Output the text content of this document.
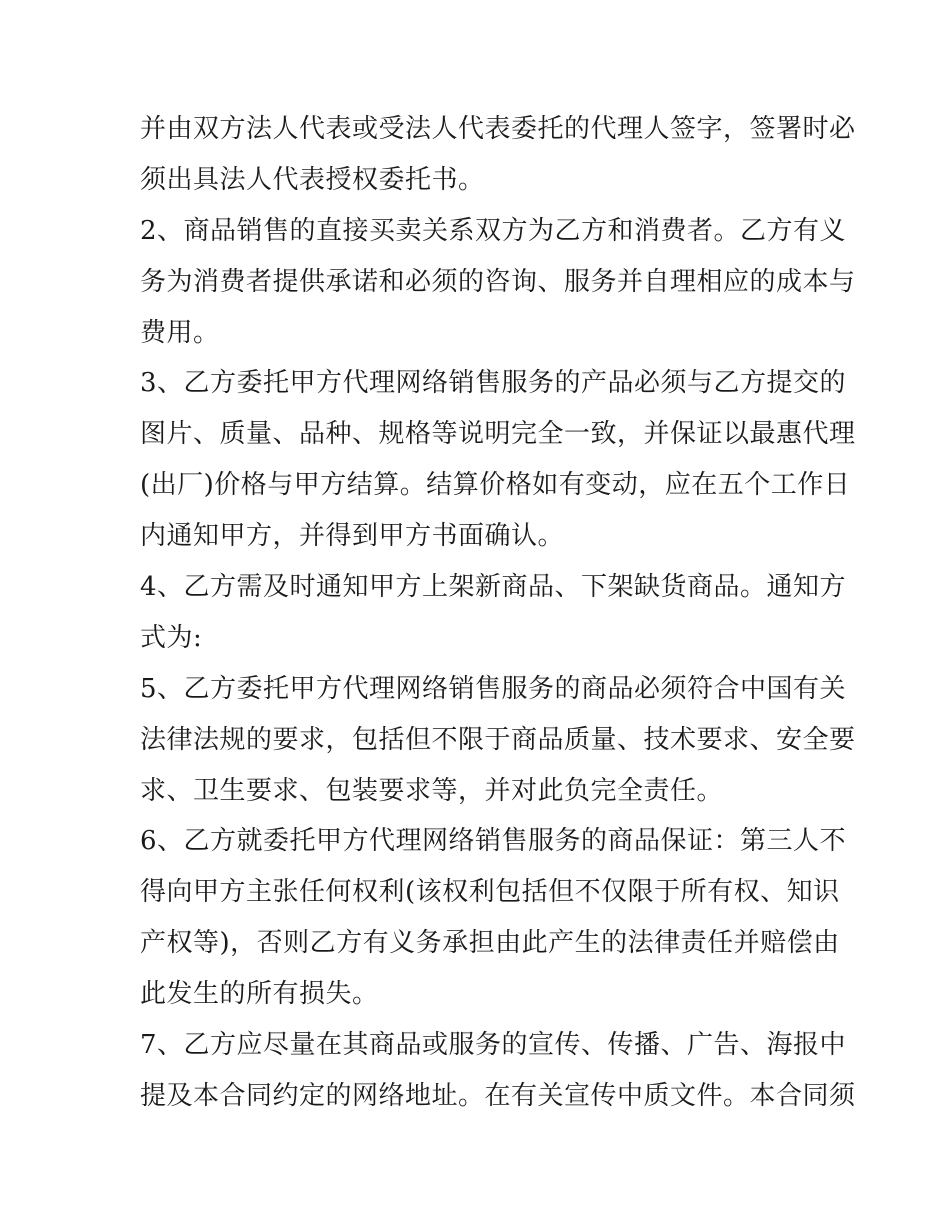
并由双方法人代表或受法人代表委托的代理人签字，签署时必
须出具法人代表授权委托书。
2、商品销售的直接买卖关系双方为乙方和消费者。乙方有义
务为消费者提供承诺和必须的咨询、服务并自理相应的成本与
费用。
3、乙方委托甲方代理网络销售服务的产品必须与乙方提交的
图片、质量、品种、规格等说明完全一致，并保证以最惠代理
(出厂)价格与甲方结算。结算价格如有变动，应在五个工作日
内通知甲方，并得到甲方书面确认。
4、乙方需及时通知甲方上架新商品、下架缺货商品。通知方
式为:
5、乙方委托甲方代理网络销售服务的商品必须符合中国有关
法律法规的要求，包括但不限于商品质量、技术要求、安全要
求、卫生要求、包装要求等，并对此负完全责任。
6、乙方就委托甲方代理网络销售服务的商品保证：第三人不
得向甲方主张任何权利(该权利包括但不仅限于所有权、知识
产权等)，否则乙方有义务承担由此产生的法律责任并赔偿由
此发生的所有损失。
7、乙方应尽量在其商品或服务的宣传、传播、广告、海报中
提及本合同约定的网络地址。在有关宣传中质文件。本合同须
